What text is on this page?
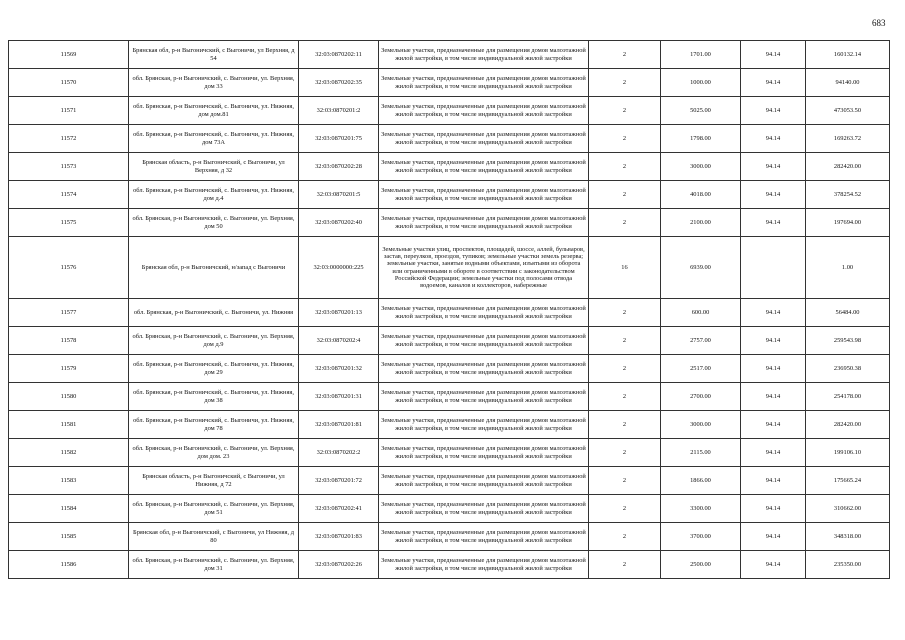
683
11569	Брянская обл, р-н Выгоничский, с Выгоничи, ул Верхняя, д 54	32:03:0870202:11	Земельные участки, предназначенные для размещения домов малоэтажной жилой застройки, в том числе индивидуальной жилой застройки	2	1701.00	94.14	160132.14
11570	обл. Брянская, р-н Выгоничский, с. Выгоничи, ул. Верхняя, дом 33	32:03:0870202:35	Земельные участки, предназначенные для размещения домов малоэтажной жилой застройки, в том числе индивидуальной жилой застройки	2	1000.00	94.14	94140.00
11571	обл. Брянская, р-н Выгоничский, с. Выгоничи, ул. Нижняя, дом дом.81	32:03:0870201:2	Земельные участки, предназначенные для размещения домов малоэтажной жилой застройки, в том числе индивидуальной жилой застройки	2	5025.00	94.14	473053.50
11572	обл. Брянская, р-н Выгоничский, с. Выгоничи, ул. Нижняя, дом 73А	32:03:0870201:75	Земельные участки, предназначенные для размещения домов малоэтажной жилой застройки, в том числе индивидуальной жилой застройки	2	1798.00	94.14	169263.72
11573	Брянская область, р-н Выгоничский, с Выгоничи, ул Верхняя, д 32	32:03:0870202:28	Земельные участки, предназначенные для размещения домов малоэтажной жилой застройки, в том числе индивидуальной жилой застройки	2	3000.00	94.14	282420.00
11574	обл. Брянская, р-н Выгоничский, с. Выгоничи, ул. Нижняя, дом д.4	32:03:0870201:5	Земельные участки, предназначенные для размещения домов малоэтажной жилой застройки, в том числе индивидуальной жилой застройки	2	4018.00	94.14	378254.52
11575	обл. Брянская, р-н Выгоничский, с. Выгоничи, ул. Верхняя, дом 50	32:03:0870202:40	Земельные участки, предназначенные для размещения домов малоэтажной жилой застройки, в том числе индивидуальной жилой застройки	2	2100.00	94.14	197694.00
11576	Брянская обл, р-н Выгоничский, н/запад с Выгоничи	32:03:0000000:225	Земельные участки улиц, проспектов, площадей, шоссе, аллей, бульваров, застав, переулков, проездов, тупиков; земельные участки земель резерва; земельные участки, занятые водными объектами, изъятыми из оборота или ограниченными в обороте в соответствии с законодательством Российской Федерации; земельные участки под полосами отвода водоемов, каналов и коллекторов, набережные	16	6939.00		1.00
11577	обл. Брянская, р-н Выгоничский, с. Выгоничи, ул. Нижняя	32:03:0870201:13	Земельные участки, предназначенные для размещения домов малоэтажной жилой застройки, в том числе индивидуальной жилой застройки	2	600.00	94.14	56484.00
11578	обл. Брянская, р-н Выгоничский, с. Выгоничи, ул. Верхняя, дом д.9	32:03:0870202:4	Земельные участки, предназначенные для размещения домов малоэтажной жилой застройки, в том числе индивидуальной жилой застройки	2	2757.00	94.14	259543.98
11579	обл. Брянская, р-н Выгоничский, с. Выгоничи, ул. Нижняя, дом 29	32:03:0870201:32	Земельные участки, предназначенные для размещения домов малоэтажной жилой застройки, в том числе индивидуальной жилой застройки	2	2517.00	94.14	236950.38
11580	обл. Брянская, р-н Выгоничский, с. Выгоничи, ул. Нижняя, дом 38	32:03:0870201:31	Земельные участки, предназначенные для размещения домов малоэтажной жилой застройки, в том числе индивидуальной жилой застройки	2	2700.00	94.14	254178.00
11581	обл. Брянская, р-н Выгоничский, с. Выгоничи, ул. Нижняя, дом 78	32:03:0870201:81	Земельные участки, предназначенные для размещения домов малоэтажной жилой застройки, в том числе индивидуальной жилой застройки	2	3000.00	94.14	282420.00
11582	обл. Брянская, р-н Выгоничский, с. Выгоничи, ул. Верхняя, дом дом. 23	32:03:0870202:2	Земельные участки, предназначенные для размещения домов малоэтажной жилой застройки, в том числе индивидуальной жилой застройки	2	2115.00	94.14	199106.10
11583	Брянская область, р-н Выгоничский, с Выгоничи, ул Нижняя, д 72	32:03:0870201:72	Земельные участки, предназначенные для размещения домов малоэтажной жилой застройки, в том числе индивидуальной жилой застройки	2	1866.00	94.14	175665.24
11584	обл. Брянская, р-н Выгоничский, с. Выгоничи, ул. Верхняя, дом 51	32:03:0870202:41	Земельные участки, предназначенные для размещения домов малоэтажной жилой застройки, в том числе индивидуальной жилой застройки	2	3300.00	94.14	310662.00
11585	Брянская обл, р-н Выгоничский, с Выгоничи, ул Нижняя, д 80	32:03:0870201:83	Земельные участки, предназначенные для размещения домов малоэтажной жилой застройки, в том числе индивидуальной жилой застройки	2	3700.00	94.14	348318.00
11586	обл. Брянская, р-н Выгоничский, с. Выгоничи, ул. Верхняя, дом 31	32:03:0870202:26	Земельные участки, предназначенные для размещения домов малоэтажной жилой застройки, в том числе индивидуальной жилой застройки	2	2500.00	94.14	235350.00
